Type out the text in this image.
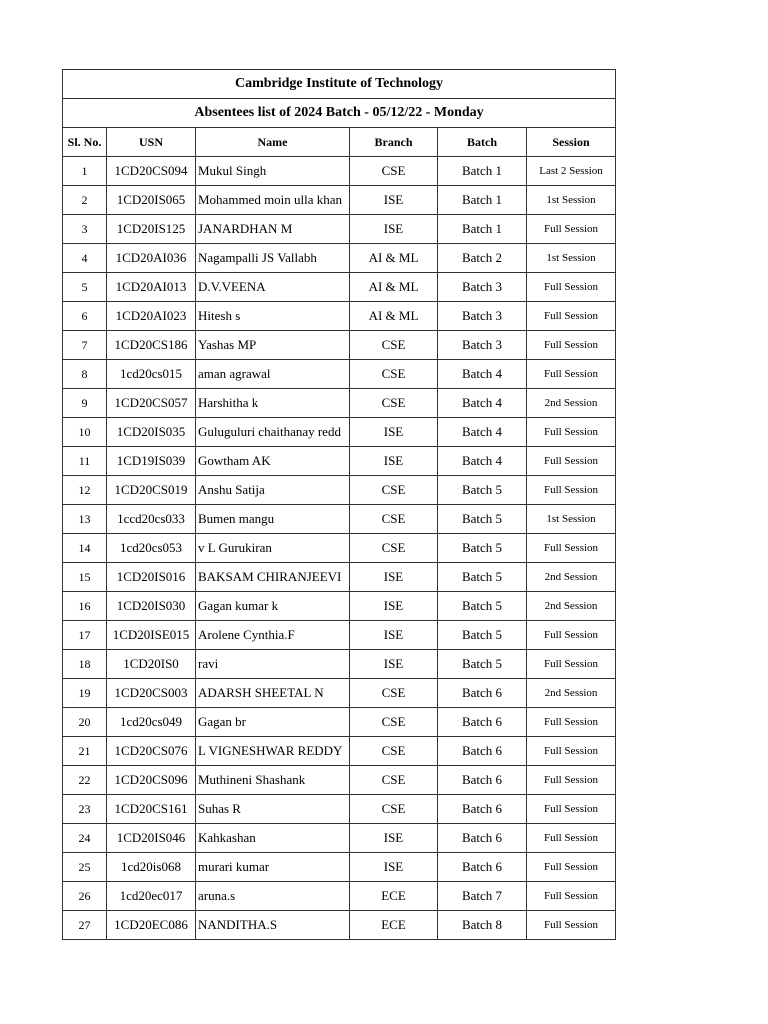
Cambridge Institute of Technology					
Absentees list of 2024 Batch - 05/12/22 - Monday					
Sl. No.	USN	Name	Branch	Batch	Session
1	1CD20CS094	Mukul Singh	CSE	Batch 1	Last 2 Session
2	1CD20IS065	Mohammed moin ulla khan	ISE	Batch 1	1st Session
3	1CD20IS125	JANARDHAN M	ISE	Batch 1	Full Session
4	1CD20AI036	Nagampalli JS Vallabh	AI & ML	Batch 2	1st Session
5	1CD20AI013	D.V.VEENA	AI & ML	Batch 3	Full Session
6	1CD20AI023	Hitesh s	AI & ML	Batch 3	Full Session
7	1CD20CS186	Yashas MP	CSE	Batch 3	Full Session
8	1cd20cs015	aman agrawal	CSE	Batch 4	Full Session
9	1CD20CS057	Harshitha k	CSE	Batch 4	2nd Session
10	1CD20IS035	Guluguluri chaithanay redd	ISE	Batch 4	Full Session
11	1CD19IS039	Gowtham AK	ISE	Batch 4	Full Session
12	1CD20CS019	Anshu Satija	CSE	Batch 5	Full Session
13	1ccd20cs033	Bumen mangu	CSE	Batch 5	1st Session
14	1cd20cs053	v L Gurukiran	CSE	Batch 5	Full Session
15	1CD20IS016	BAKSAM CHIRANJEEVI	ISE	Batch 5	2nd Session
16	1CD20IS030	Gagan kumar k	ISE	Batch 5	2nd Session
17	1CD20ISE015	Arolene Cynthia.F	ISE	Batch 5	Full Session
18	1CD20IS0	ravi	ISE	Batch 5	Full Session
19	1CD20CS003	ADARSH SHEETAL N	CSE	Batch 6	2nd Session
20	1cd20cs049	Gagan br	CSE	Batch 6	Full Session
21	1CD20CS076	L VIGNESHWAR REDDY	CSE	Batch 6	Full Session
22	1CD20CS096	Muthineni Shashank	CSE	Batch 6	Full Session
23	1CD20CS161	Suhas R	CSE	Batch 6	Full Session
24	1CD20IS046	Kahkashan	ISE	Batch 6	Full Session
25	1cd20is068	murari kumar	ISE	Batch 6	Full Session
26	1cd20ec017	aruna.s	ECE	Batch 7	Full Session
27	1CD20EC086	NANDITHA.S	ECE	Batch 8	Full Session
